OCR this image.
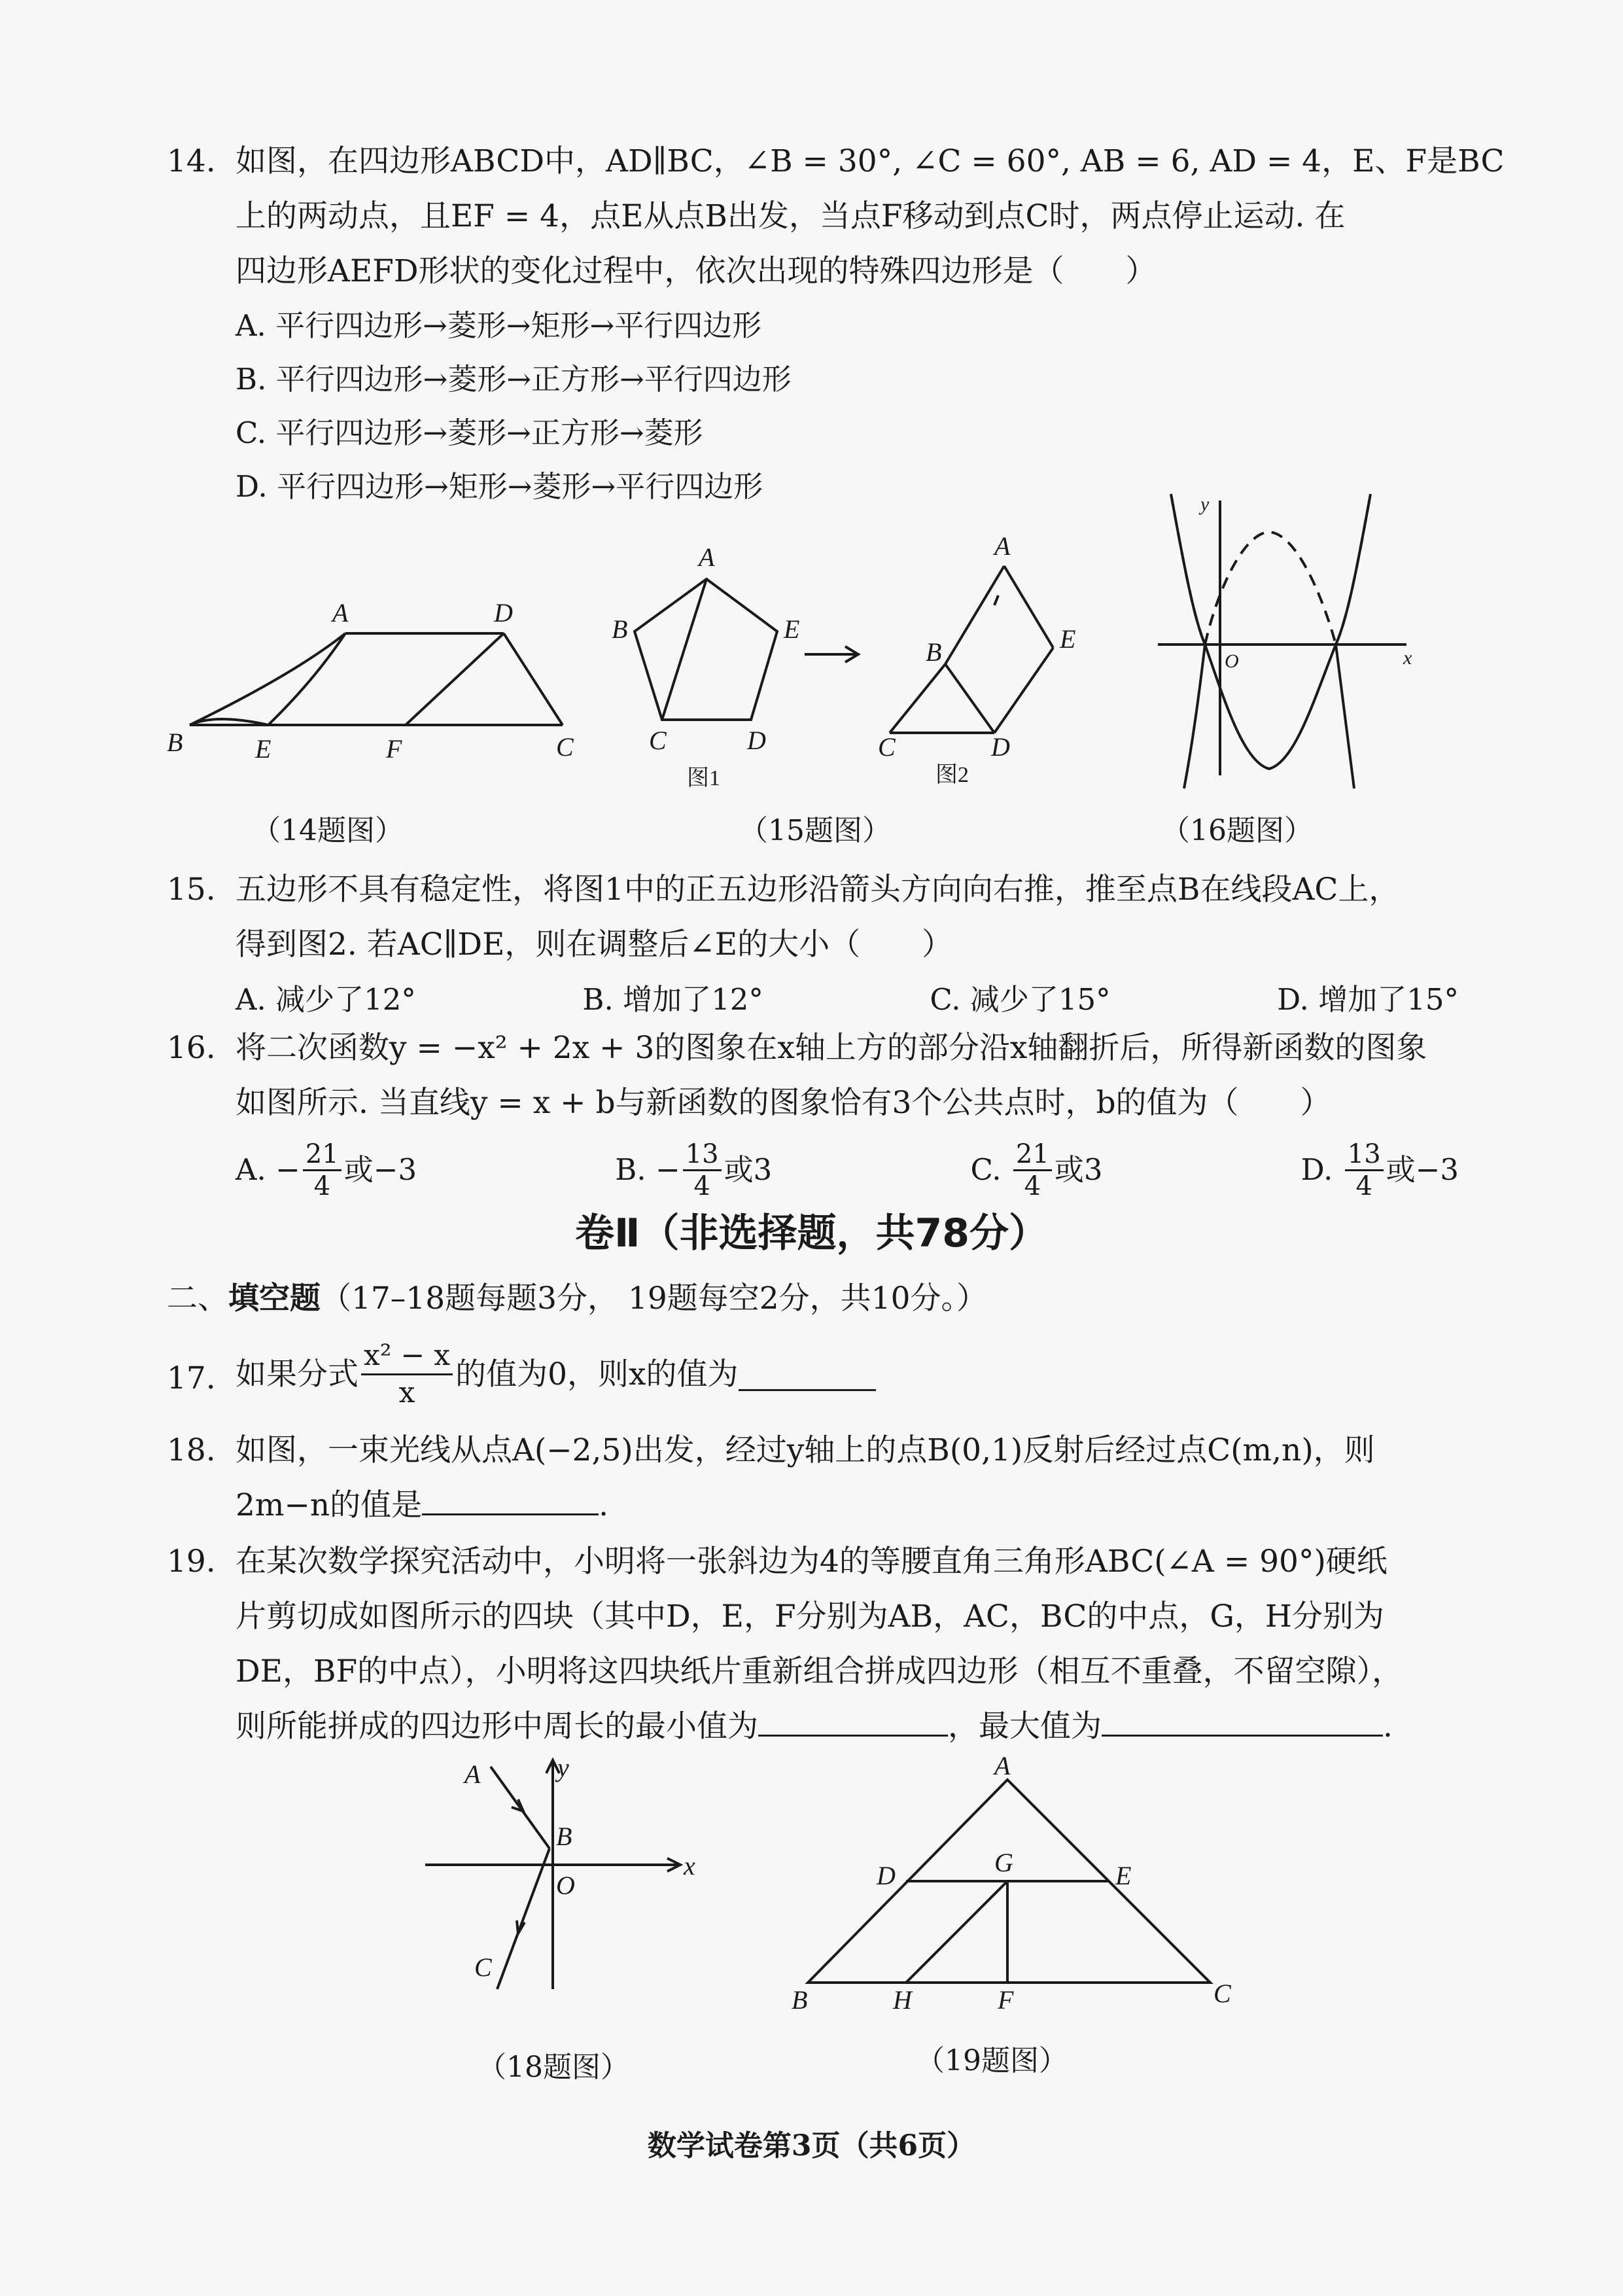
14. 如图，在四边形ABCD中，AD∥BC，∠B = 30°, ∠C = 60°, AB = 6, AD = 4，E、F是BC
上的两动点，且EF = 4，点E从点B出发，当点F移动到点C时，两点停止运动. 在
四边形AEFD形状的变化过程中，依次出现的特殊四边形是（　　）
A. 平行四边形→菱形→矩形→平行四边形
B. 平行四边形→菱形→正方形→平行四边形
C. 平行四边形→菱形→正方形→菱形
D. 平行四边形→矩形→菱形→平行四边形
A	D
B	E	F	C
（14题图）
A
B	E
C	D
图1
A
B	E
C	D
图2
（15题图）
y
x
O
（16题图）
15. 五边形不具有稳定性，将图1中的正五边形沿箭头方向向右推，推至点B在线段AC上，
得到图2. 若AC∥DE，则在调整后∠E的大小（　　）
A. 减少了12°	B. 增加了12°	C. 减少了15°	D. 增加了15°
16. 将二次函数y = −x² + 2x + 3的图象在x轴上方的部分沿x轴翻折后，所得新函数的图象
如图所示. 当直线y = x + b与新函数的图象恰有3个公共点时，b的值为（　　）
A.
− $\frac{21}{4}$ 或−3	B.
− $\frac{13}{4}$ 或3	C.
$\frac{21}{4}$ 或3	D.
$\frac{13}{4}$ 或−3
卷Ⅱ（非选择题，共78分）
二、填空题（17–18题每题3分， 19题每空2分，共10分。）
17. 如果分式 $\frac{\text{x² − x}}{x}$ 的值为0，则x的值为
18. 如图，一束光线从点A(−2,5)出发，经过y轴上的点B(0,1)反射后经过点C(m,n)，则
2m−n的值是	.
19. 在某次数学探究活动中，小明将一张斜边为4的等腰直角三角形ABC(∠A = 90°)硬纸
片剪切成如图所示的四块（其中D，E，F分别为AB，AC，BC的中点，G，H分别为
DE，BF的中点），小明将这四块纸片重新组合拼成四边形（相互不重叠，不留空隙），
则所能拼成的四边形中周长的最小值为	，最大值为	.
A	y
B
x
O
C
（18题图）
A
D	G	E
B	H	F	C
（19题图）
数学试卷第3页（共6页）
